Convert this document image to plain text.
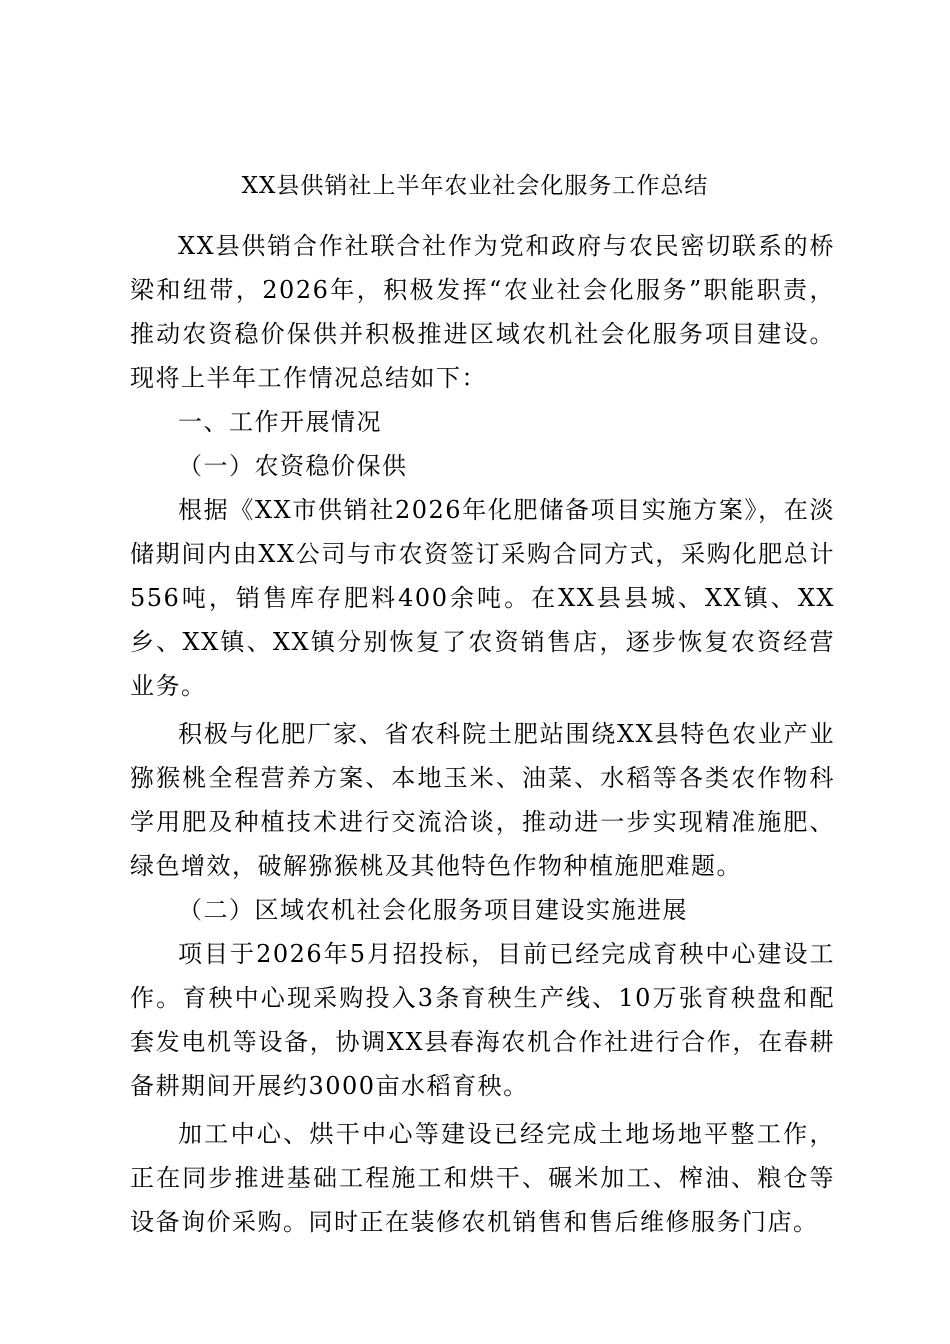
XX县供销社上半年农业社会化服务工作总结

XX县供销合作社联合社作为党和政府与农民密切联系的桥梁和纽带，2026年，积极发挥“农业社会化服务”职能职责，推动农资稳价保供并积极推进区域农机社会化服务项目建设。现将上半年工作情况总结如下：

一、工作开展情况

（一）农资稳价保供

根据《XX市供销社2026年化肥储备项目实施方案》，在淡储期间内由XX公司与市农资签订采购合同方式，采购化肥总计556吨，销售库存肥料400余吨。在XX县县城、XX镇、XX乡、XX镇、XX镇分别恢复了农资销售店，逐步恢复农资经营业务。

积极与化肥厂家、省农科院土肥站围绕XX县特色农业产业猕猴桃全程营养方案、本地玉米、油菜、水稻等各类农作物科学用肥及种植技术进行交流洽谈，推动进一步实现精准施肥、绿色增效，破解猕猴桃及其他特色作物种植施肥难题。

（二）区域农机社会化服务项目建设实施进展

项目于2026年5月招投标，目前已经完成育秧中心建设工作。育秧中心现采购投入3条育秧生产线、10万张育秧盘和配套发电机等设备，协调XX县春海农机合作社进行合作，在春耕备耕期间开展约3000亩水稻育秧。

加工中心、烘干中心等建设已经完成土地场地平整工作，正在同步推进基础工程施工和烘干、碾米加工、榨油、粮仓等设备询价采购。同时正在装修农机销售和售后维修服务门店。
